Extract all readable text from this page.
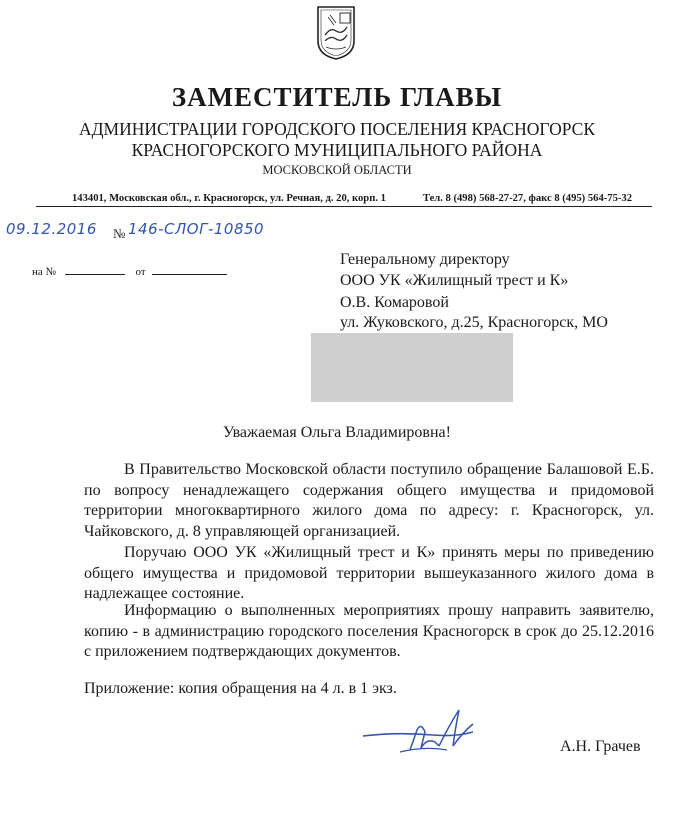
ЗАМЕСТИТЕЛЬ ГЛАВЫ
АДМИНИСТРАЦИИ ГОРОДСКОГО ПОСЕЛЕНИЯ КРАСНОГОРСК
КРАСНОГОРСКОГО МУНИЦИПАЛЬНОГО РАЙОНА
МОСКОВСКОЙ ОБЛАСТИ
143401, Московская обл., г. Красногорск, ул. Речная, д. 20, корп. 1	Тел. 8 (498) 568-27-27, факс 8 (495) 564-75-32
09.12.2016 № 146-СЛОГ-10850
на №	от
Генеральному директору
ООО УК «Жилищный трест и К»
О.В. Комаровой
ул. Жуковского, д.25, Красногорск, МО
Уважаемая Ольга Владимировна!
В Правительство Московской области поступило обращение Балашовой Е.Б. по вопросу ненадлежащего содержания общего имущества и придомовой территории многоквартирного жилого дома по адресу: г. Красногорск, ул. Чайковского, д. 8 управляющей организацией.
Поручаю ООО УК «Жилищный трест и К» принять меры по приведению общего имущества и придомовой территории вышеуказанного жилого дома в надлежащее состояние.
Информацию о выполненных мероприятиях прошу направить заявителю, копию - в администрацию городского поселения Красногорск в срок до 25.12.2016 с приложением подтверждающих документов.
Приложение: копия обращения на 4 л. в 1 экз.
А.Н. Грачев
